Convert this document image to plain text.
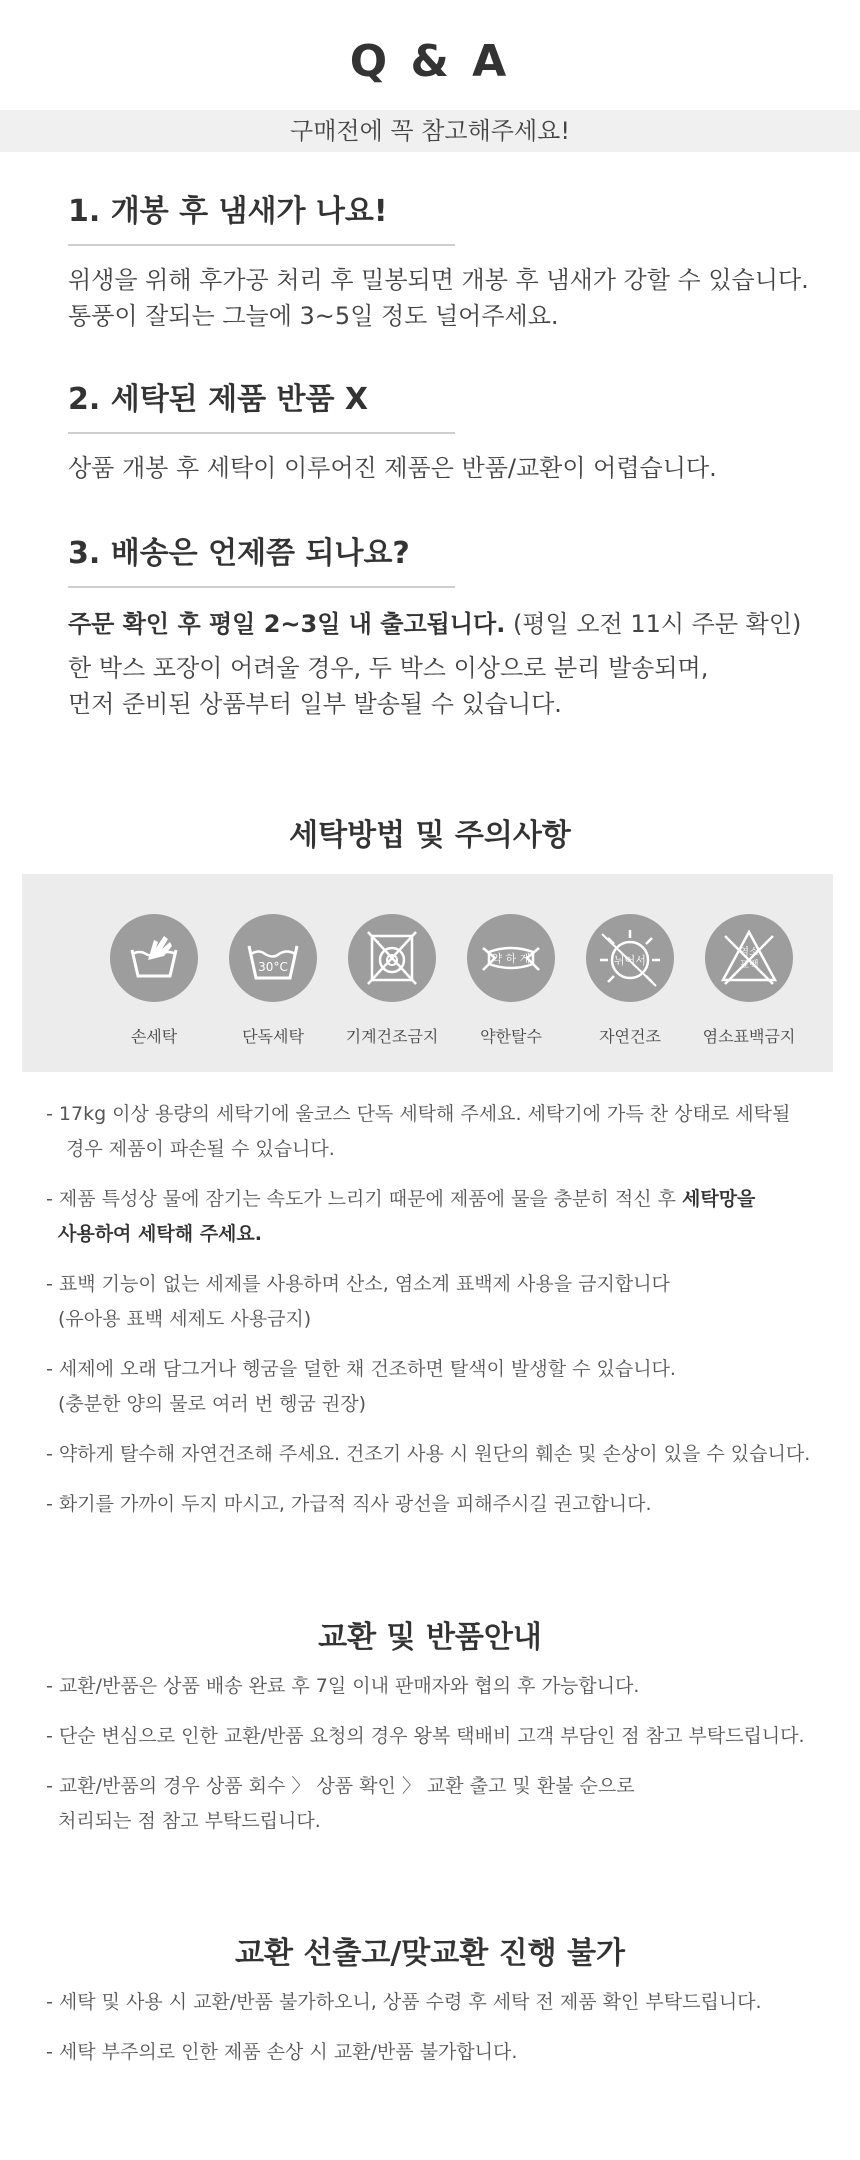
Q & A
구매전에 꼭 참고해주세요!
1. 개봉 후 냄새가 나요!
위생을 위해 후가공 처리 후 밀봉되면 개봉 후 냄새가 강할 수 있습니다.
통풍이 잘되는 그늘에 3~5일 정도 널어주세요.
2. 세탁된 제품 반품 X
상품 개봉 후 세탁이 이루어진 제품은 반품/교환이 어렵습니다.
3. 배송은 언제쯤 되나요?
주문 확인 후 평일 2~3일 내 출고됩니다. (평일 오전 11시 주문 확인)
한 박스 포장이 어려울 경우, 두 박스 이상으로 분리 발송되며,
먼저 준비된 상품부터 일부 발송될 수 있습니다.
세탁방법 및 주의사항
손세탁
30°C
단독세탁	기계건조금지
약 하 게
약한탈수
뉘어서
자연건조
염소 표백
염소표백금지
- 17kg 이상 용량의 세탁기에 울코스 단독 세탁해 주세요. 세탁기에 가득 찬 상태로 세탁될
경우 제품이 파손될 수 있습니다.
- 제품 특성상 물에 잠기는 속도가 느리기 때문에 제품에 물을 충분히 적신 후 세탁망을
사용하여 세탁해 주세요.
- 표백 기능이 없는 세제를 사용하며 산소, 염소계 표백제 사용을 금지합니다
(유아용 표백 세제도 사용금지)
- 세제에 오래 담그거나 헹굼을 덜한 채 건조하면 탈색이 발생할 수 있습니다.
(충분한 양의 물로 여러 번 헹굼 권장)
- 약하게 탈수해 자연건조해 주세요. 건조기 사용 시 원단의 훼손 및 손상이 있을 수 있습니다.
- 화기를 가까이 두지 마시고, 가급적 직사 광선을 피해주시길 권고합니다.
교환 및 반품안내
- 교환/반품은 상품 배송 완료 후 7일 이내 판매자와 협의 후 가능합니다.
- 단순 변심으로 인한 교환/반품 요청의 경우 왕복 택배비 고객 부담인 점 참고 부탁드립니다.
- 교환/반품의 경우 상품 회수 〉 상품 확인 〉 교환 출고 및 환불 순으로
처리되는 점 참고 부탁드립니다.
교환 선출고/맞교환 진행 불가
- 세탁 및 사용 시 교환/반품 불가하오니, 상품 수령 후 세탁 전 제품 확인 부탁드립니다.
- 세탁 부주의로 인한 제품 손상 시 교환/반품 불가합니다.
